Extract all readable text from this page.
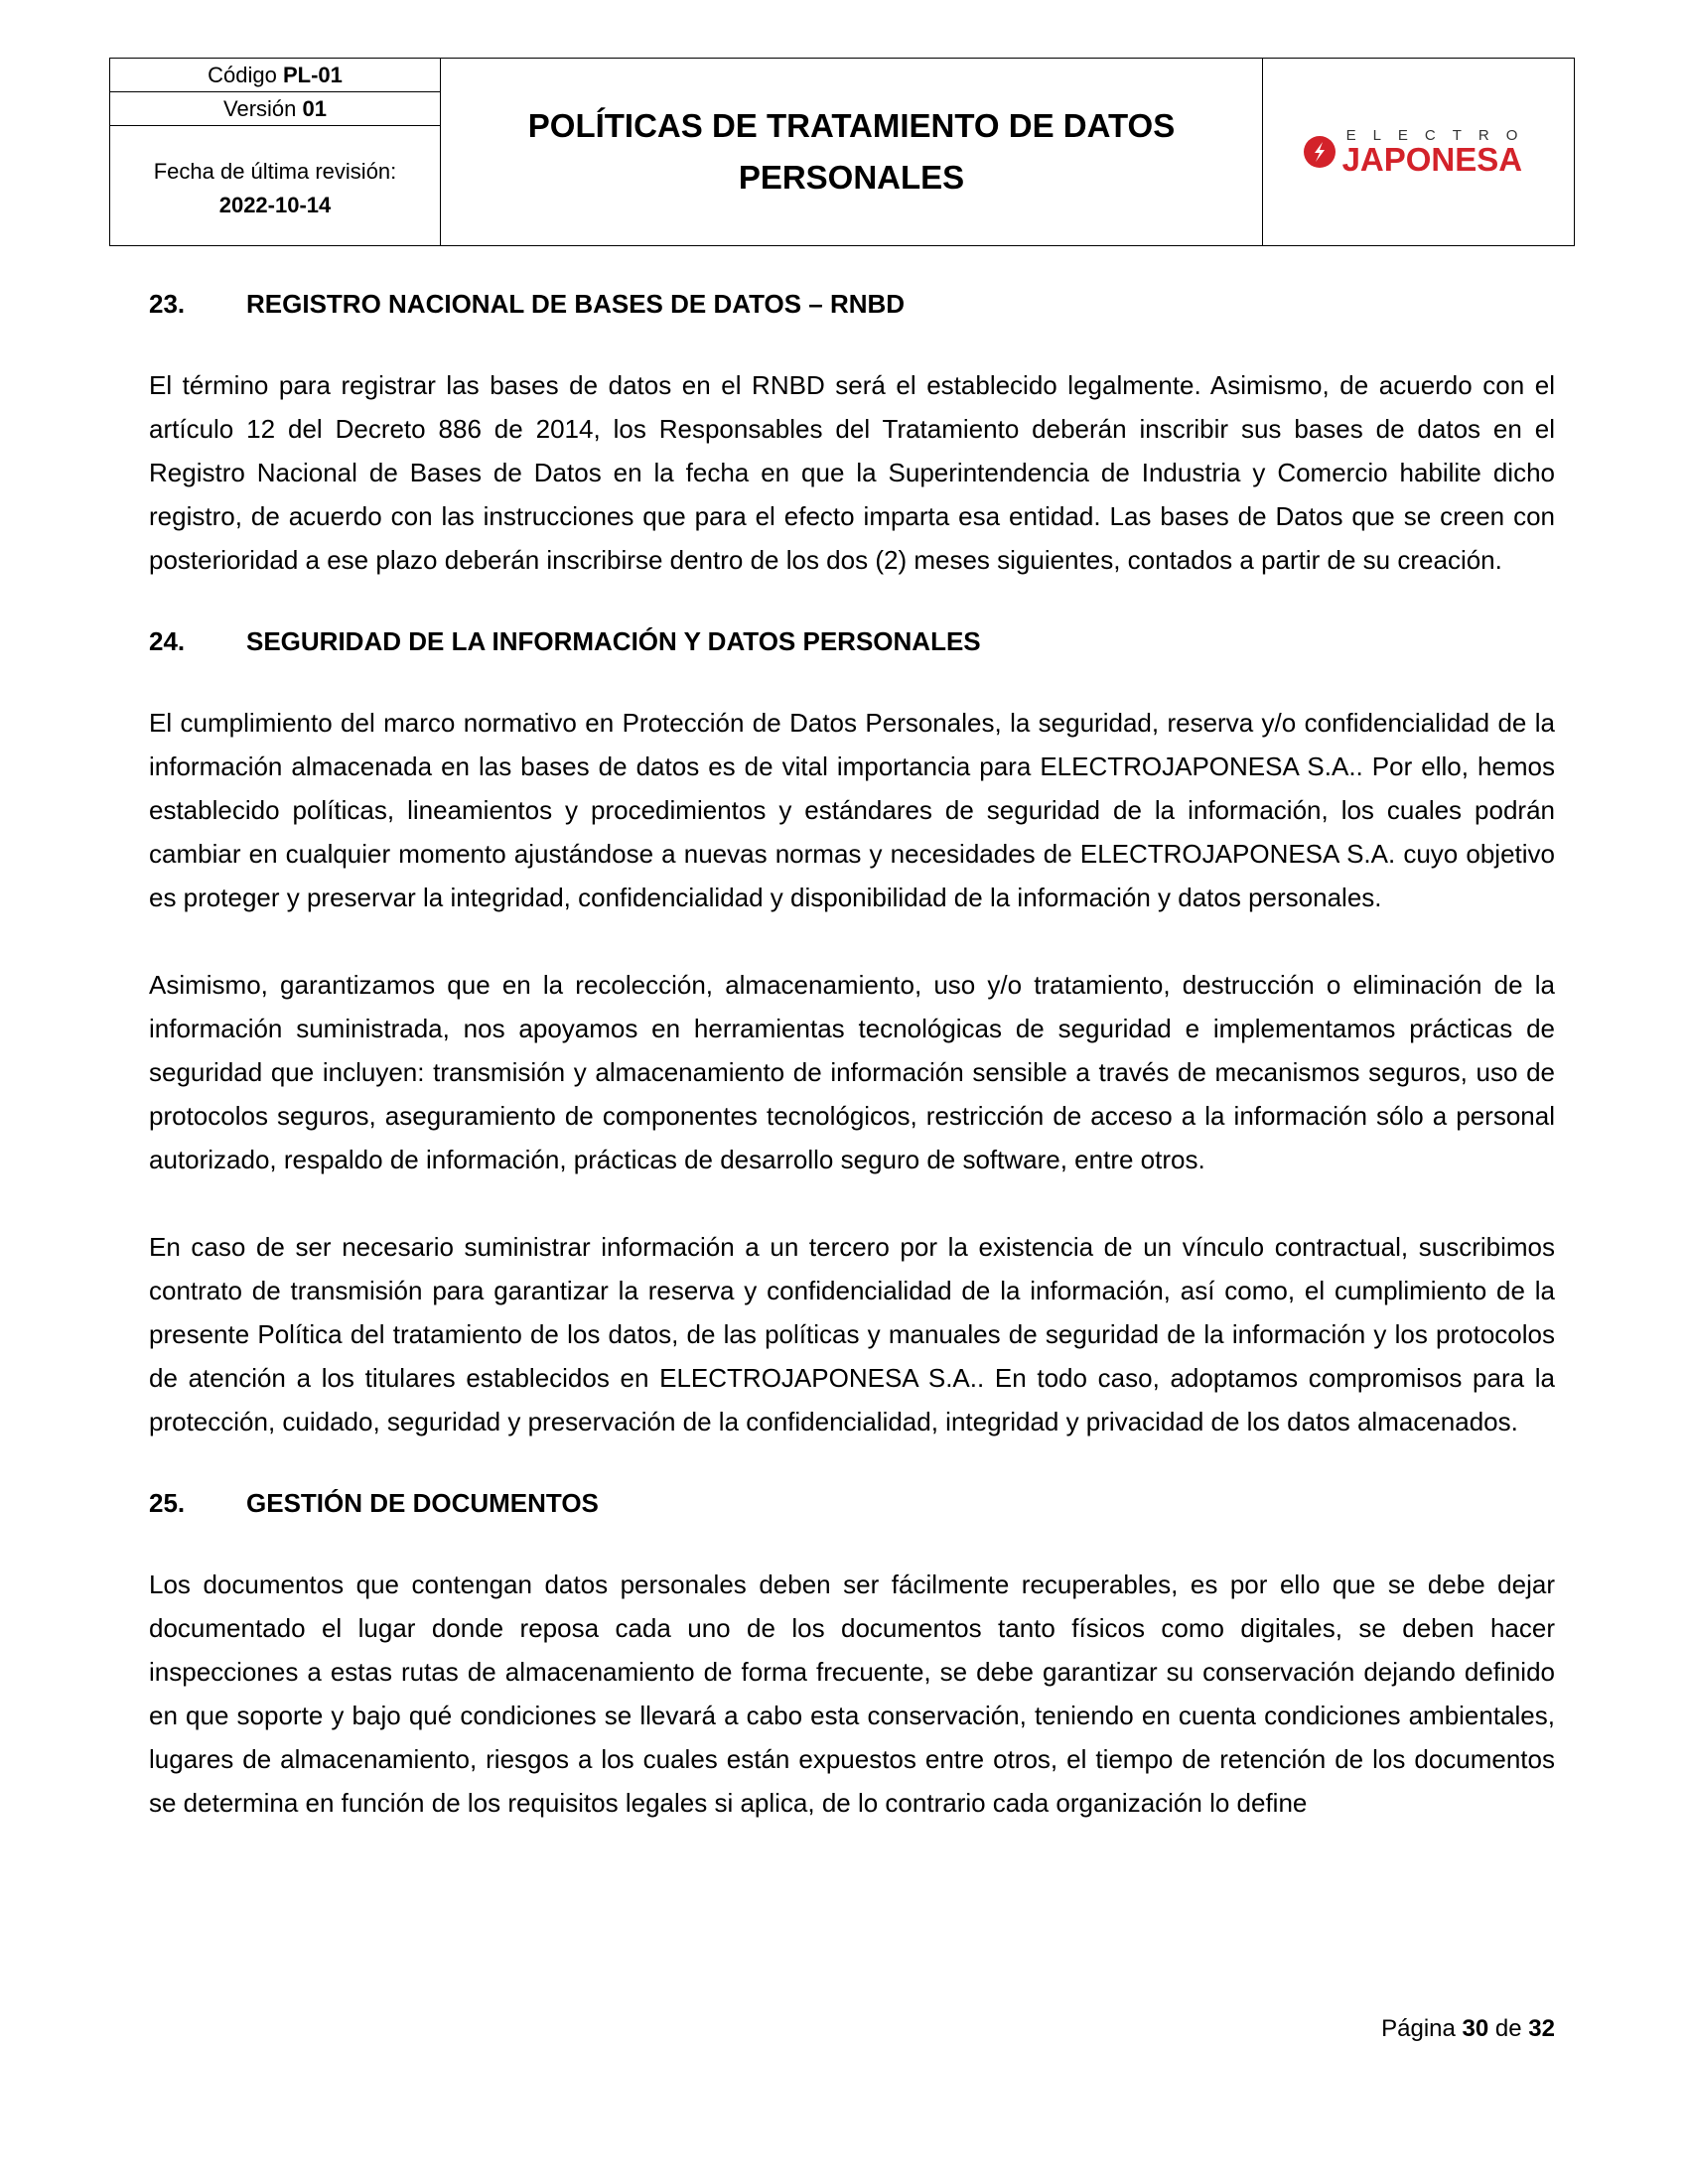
Código
PL-01
Versión
01
Fecha de última revisión:
2022-10-14
POLÍTICAS DE TRATAMIENTO DE DATOS PERSONALES
ELECTRO
JAPONESA
23.	REGISTRO NACIONAL DE BASES DE DATOS – RNBD

El término para registrar las bases de datos en el RNBD será el establecido legalmente. Asimismo, de acuerdo con el artículo 12 del Decreto 886 de 2014, los Responsables del Tratamiento deberán inscribir sus bases de datos en el Registro Nacional de Bases de Datos en la fecha en que la Superintendencia de Industria y Comercio habilite dicho registro, de acuerdo con las instrucciones que para el efecto imparta esa entidad. Las bases de Datos que se creen con posterioridad a ese plazo deberán inscribirse dentro de los dos (2) meses siguientes, contados a partir de su creación.

24.	SEGURIDAD DE LA INFORMACIÓN Y DATOS PERSONALES

El cumplimiento del marco normativo en Protección de Datos Personales, la seguridad, reserva y/o confidencialidad de la información almacenada en las bases de datos es de vital importancia para ELECTROJAPONESA S.A.. Por ello, hemos establecido políticas, lineamientos y procedimientos y estándares de seguridad de la información, los cuales podrán cambiar en cualquier momento ajustándose a nuevas normas y necesidades de ELECTROJAPONESA S.A. cuyo objetivo es proteger y preservar la integridad, confidencialidad y disponibilidad de la información y datos personales.

Asimismo, garantizamos que en la recolección, almacenamiento, uso y/o tratamiento, destrucción o eliminación de la información suministrada, nos apoyamos en herramientas tecnológicas de seguridad e implementamos prácticas de seguridad que incluyen: transmisión y almacenamiento de información sensible a través de mecanismos seguros, uso de protocolos seguros, aseguramiento de componentes tecnológicos, restricción de acceso a la información sólo a personal autorizado, respaldo de información, prácticas de desarrollo seguro de software, entre otros.

En caso de ser necesario suministrar información a un tercero por la existencia de un vínculo contractual, suscribimos contrato de transmisión para garantizar la reserva y confidencialidad de la información, así como, el cumplimiento de la presente Política del tratamiento de los datos, de las políticas y manuales de seguridad de la información y los protocolos de atención a los titulares establecidos en ELECTROJAPONESA S.A.. En todo caso, adoptamos compromisos para la protección, cuidado, seguridad y preservación de la confidencialidad, integridad y privacidad de los datos almacenados.

25.	GESTIÓN DE DOCUMENTOS

Los documentos que contengan datos personales deben ser fácilmente recuperables, es por ello que se debe dejar documentado el lugar donde reposa cada uno de los documentos tanto físicos como digitales, se deben hacer inspecciones a estas rutas de almacenamiento de forma frecuente, se debe garantizar su conservación dejando definido en que soporte y bajo qué condiciones se llevará a cabo esta conservación, teniendo en cuenta condiciones ambientales, lugares de almacenamiento, riesgos a los cuales están expuestos entre otros, el tiempo de retención de los documentos se determina en función de los requisitos legales si aplica, de lo contrario cada organización lo define

Página 30 de 32
